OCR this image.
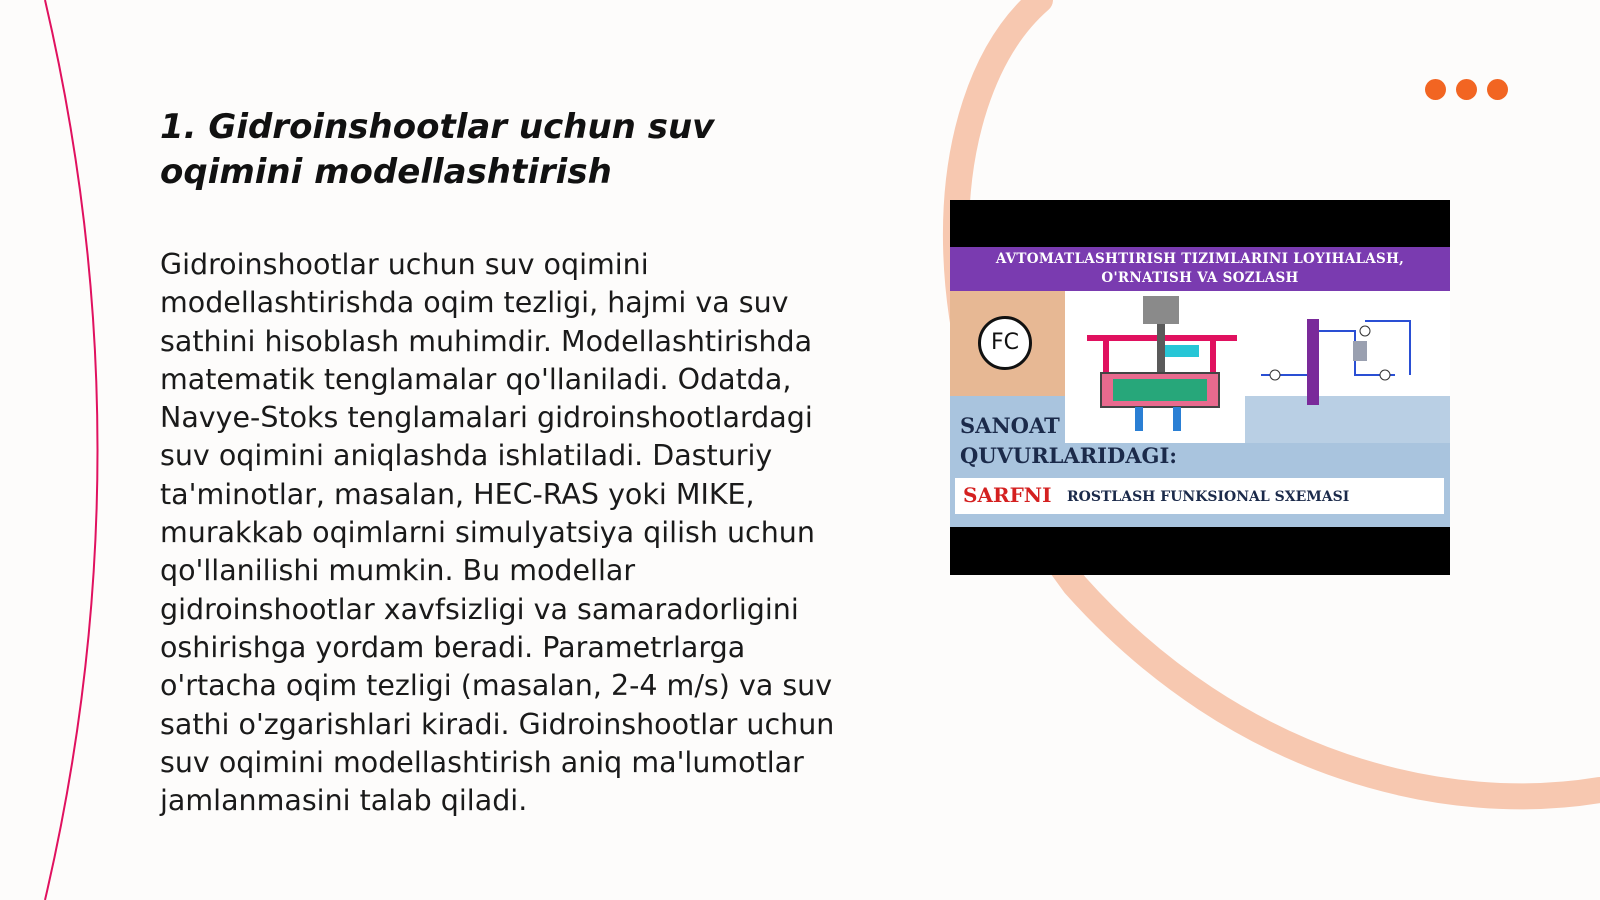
1. Gidroinshootlar uchun suv oqimini modellashtirish

Gidroinshootlar uchun suv oqimini modellashtirishda oqim tezligi, hajmi va suv sathini hisoblash muhimdir. Modellashtirishda matematik tenglamalar qo'llaniladi. Odatda, Navye-Stoks tenglamalari gidroinshootlardagi suv oqimini aniqlashda ishlatiladi. Dasturiy ta'minotlar, masalan, HEC-RAS yoki MIKE, murakkab oqimlarni simulyatsiya qilish uchun qo'llanilishi mumkin. Bu modellar gidroinshootlar xavfsizligi va samaradorligini oshirishga yordam beradi. Parametrlarga o'rtacha oqim tezligi (masalan, 2-4 m/s) va suv sathi o'zgarishlari kiradi. Gidroinshootlar uchun suv oqimini modellashtirish aniq ma'lumotlar jamlanmasini talab qiladi.

AVTOMATLASHTIRISH TIZIMLARINI LOYIHALASH,
O'RNATISH VA SOZLASH
FC
SANOAT
QUVURLARIDAGI:
SARFNI ROSTLASH FUNKSIONAL SXEMASI
